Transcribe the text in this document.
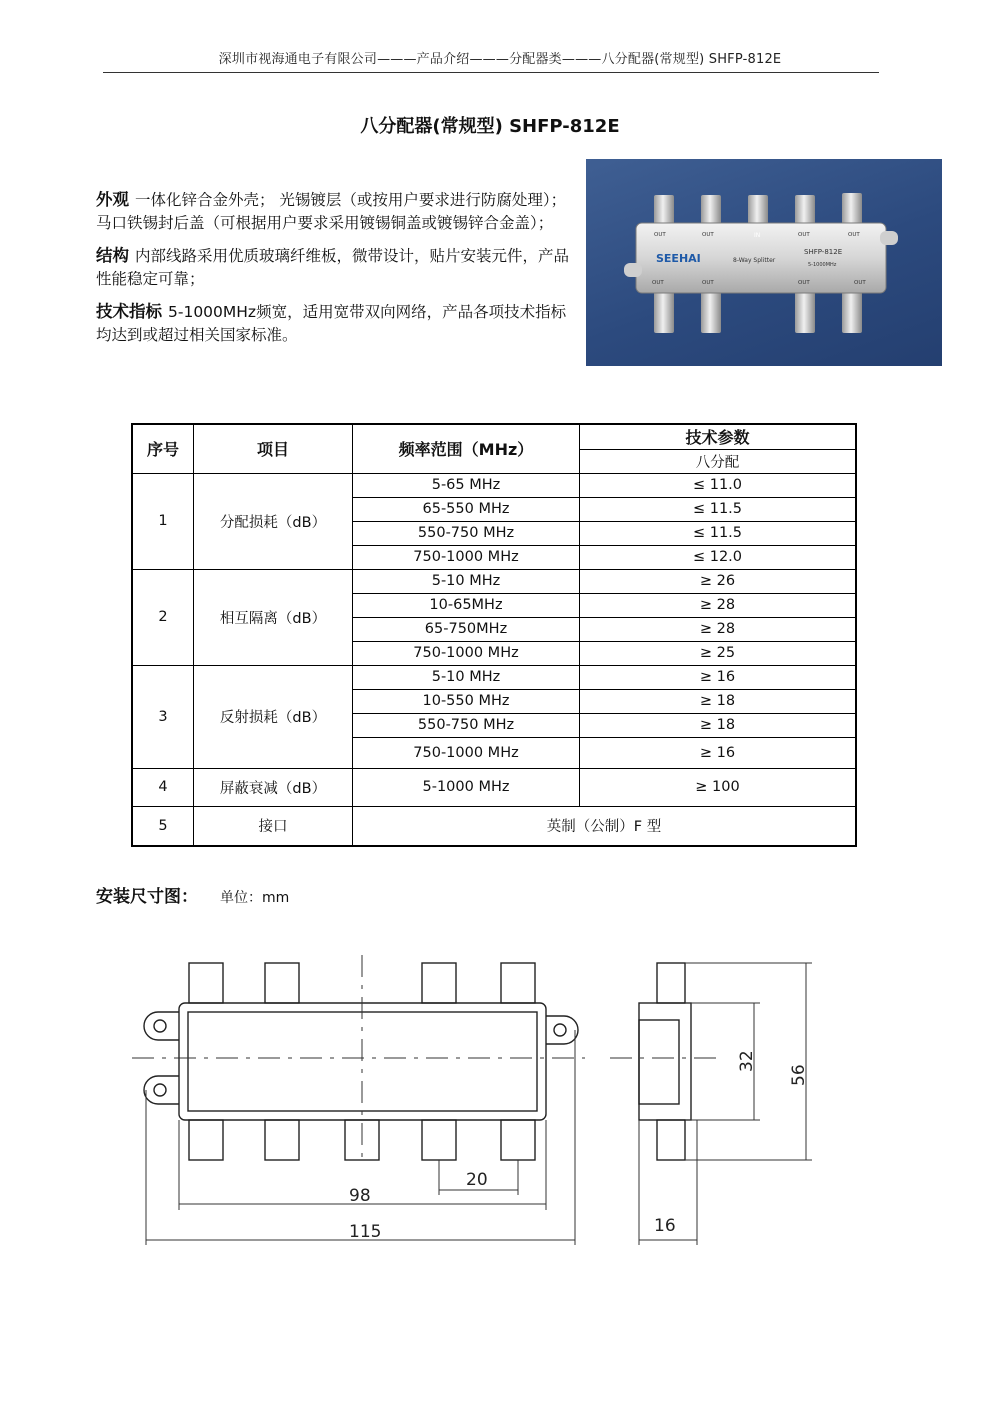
深圳市视海通电子有限公司———产品介绍———分配器类———八分配器(常规型) SHFP-812E
八分配器(常规型) SHFP-812E

外观 一体化锌合金外壳； 光锡镀层（或按用户要求进行防腐处理）；马口铁锡封后盖（可根据用户要求采用镀锡铜盖或镀锡锌合金盖）；

结构 内部线路采用优质玻璃纤维板，微带设计，贴片安装元件，产品性能稳定可靠；

技术指标 5-1000MHz频宽，适用宽带双向网络，产品各项技术指标均达到或超过相关国家标准。

OUT	OUT	IN	OUT	OUT
SEEHAI	8-Way Splitter
SHFP-812E
5-1000MHz
OUT	OUT	OUT	OUT
序号	项目	频率范围（MHz）	技术参数
			八分配
1	分配损耗（dB）	5-65 MHz	≤ 11.0
		65-550 MHz	≤ 11.5
		550-750 MHz	≤ 11.5
		750-1000 MHz	≤ 12.0
2	相互隔离（dB）	5-10 MHz	≥ 26
		10-65MHz	≥ 28
		65-750MHz	≥ 28
		750-1000 MHz	≥ 25
3	反射损耗（dB）	5-10 MHz	≥ 16
		10-550 MHz	≥ 18
		550-750 MHz	≥ 18
		750-1000 MHz	≥ 16
4	屏蔽衰减（dB）	5-1000 MHz	≥ 100
5	接口	英制（公制）F 型	
安装尺寸图： 单位：mm
20
98
115	16
32
56
